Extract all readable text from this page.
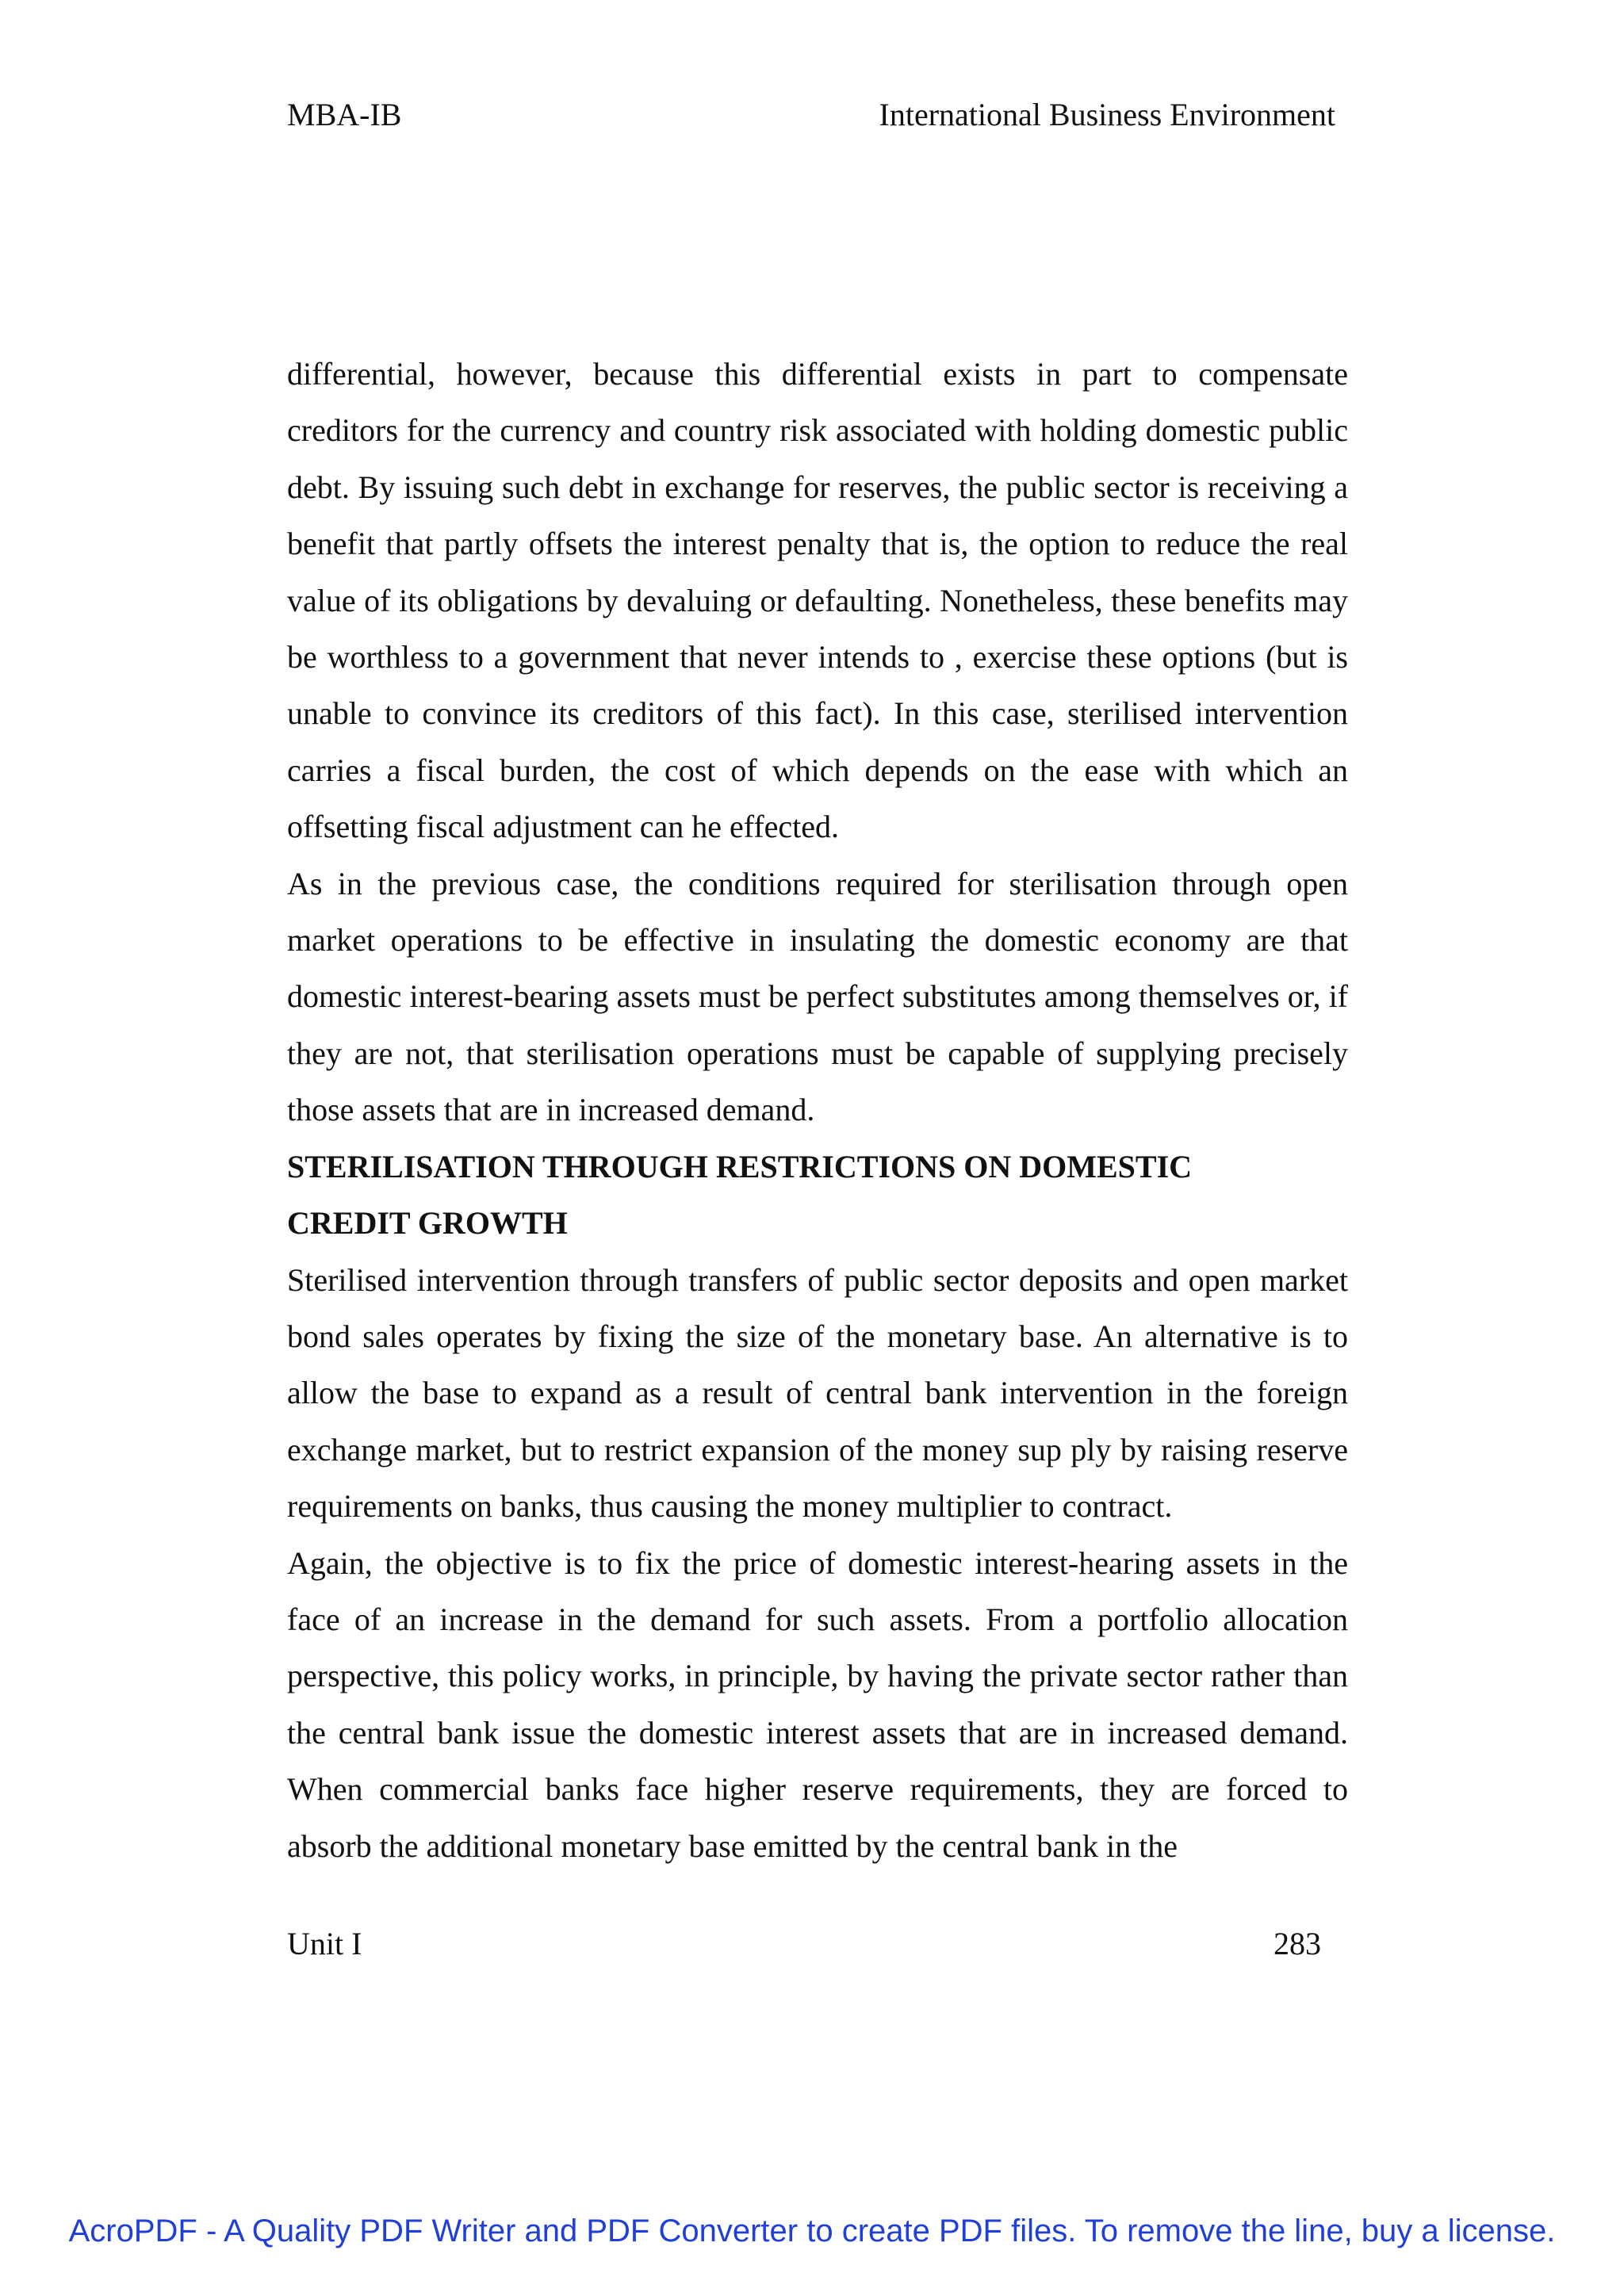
MBA-IB	International Business Environment

differential, however, because this differential exists in part to compensate creditors for the currency and country risk associated with holding domestic public debt. By issuing such debt in exchange for reserves, the public sector is receiving a benefit that partly offsets the interest penalty that is, the option to reduce the real value of its obligations by devaluing or defaulting. Nonetheless, these benefits may be worthless to a government that never intends to , exercise these options (but is unable to convince its creditors of this fact). In this case, sterilised intervention carries a fiscal burden, the cost of which depends on the ease with which an offsetting fiscal adjustment can he effected.

As in the previous case, the conditions required for sterilisation through open market operations to be effective in insulating the domestic economy are that domestic interest-bearing assets must be perfect substitutes among themselves or, if they are not, that sterilisation operations must be capable of supplying precisely those assets that are in increased demand.

STERILISATION THROUGH RESTRICTIONS ON DOMESTIC CREDIT GROWTH

Sterilised intervention through transfers of public sector deposits and open market bond sales operates by fixing the size of the monetary base. An alternative is to allow the base to expand as a result of central bank intervention in the foreign exchange market, but to restrict expansion of the money sup ply by raising reserve requirements on banks, thus causing the money multiplier to contract.

Again, the objective is to fix the price of domestic interest-hearing assets in the face of an increase in the demand for such assets. From a portfolio allocation perspective, this policy works, in principle, by having the private sector rather than the central bank issue the domestic interest assets that are in increased demand. When commercial banks face higher reserve requirements, they are forced to absorb the additional monetary base emitted by the central bank in the

Unit I	283
AcroPDF - A Quality PDF Writer and PDF Converter to create PDF files. To remove the line, buy a license.
